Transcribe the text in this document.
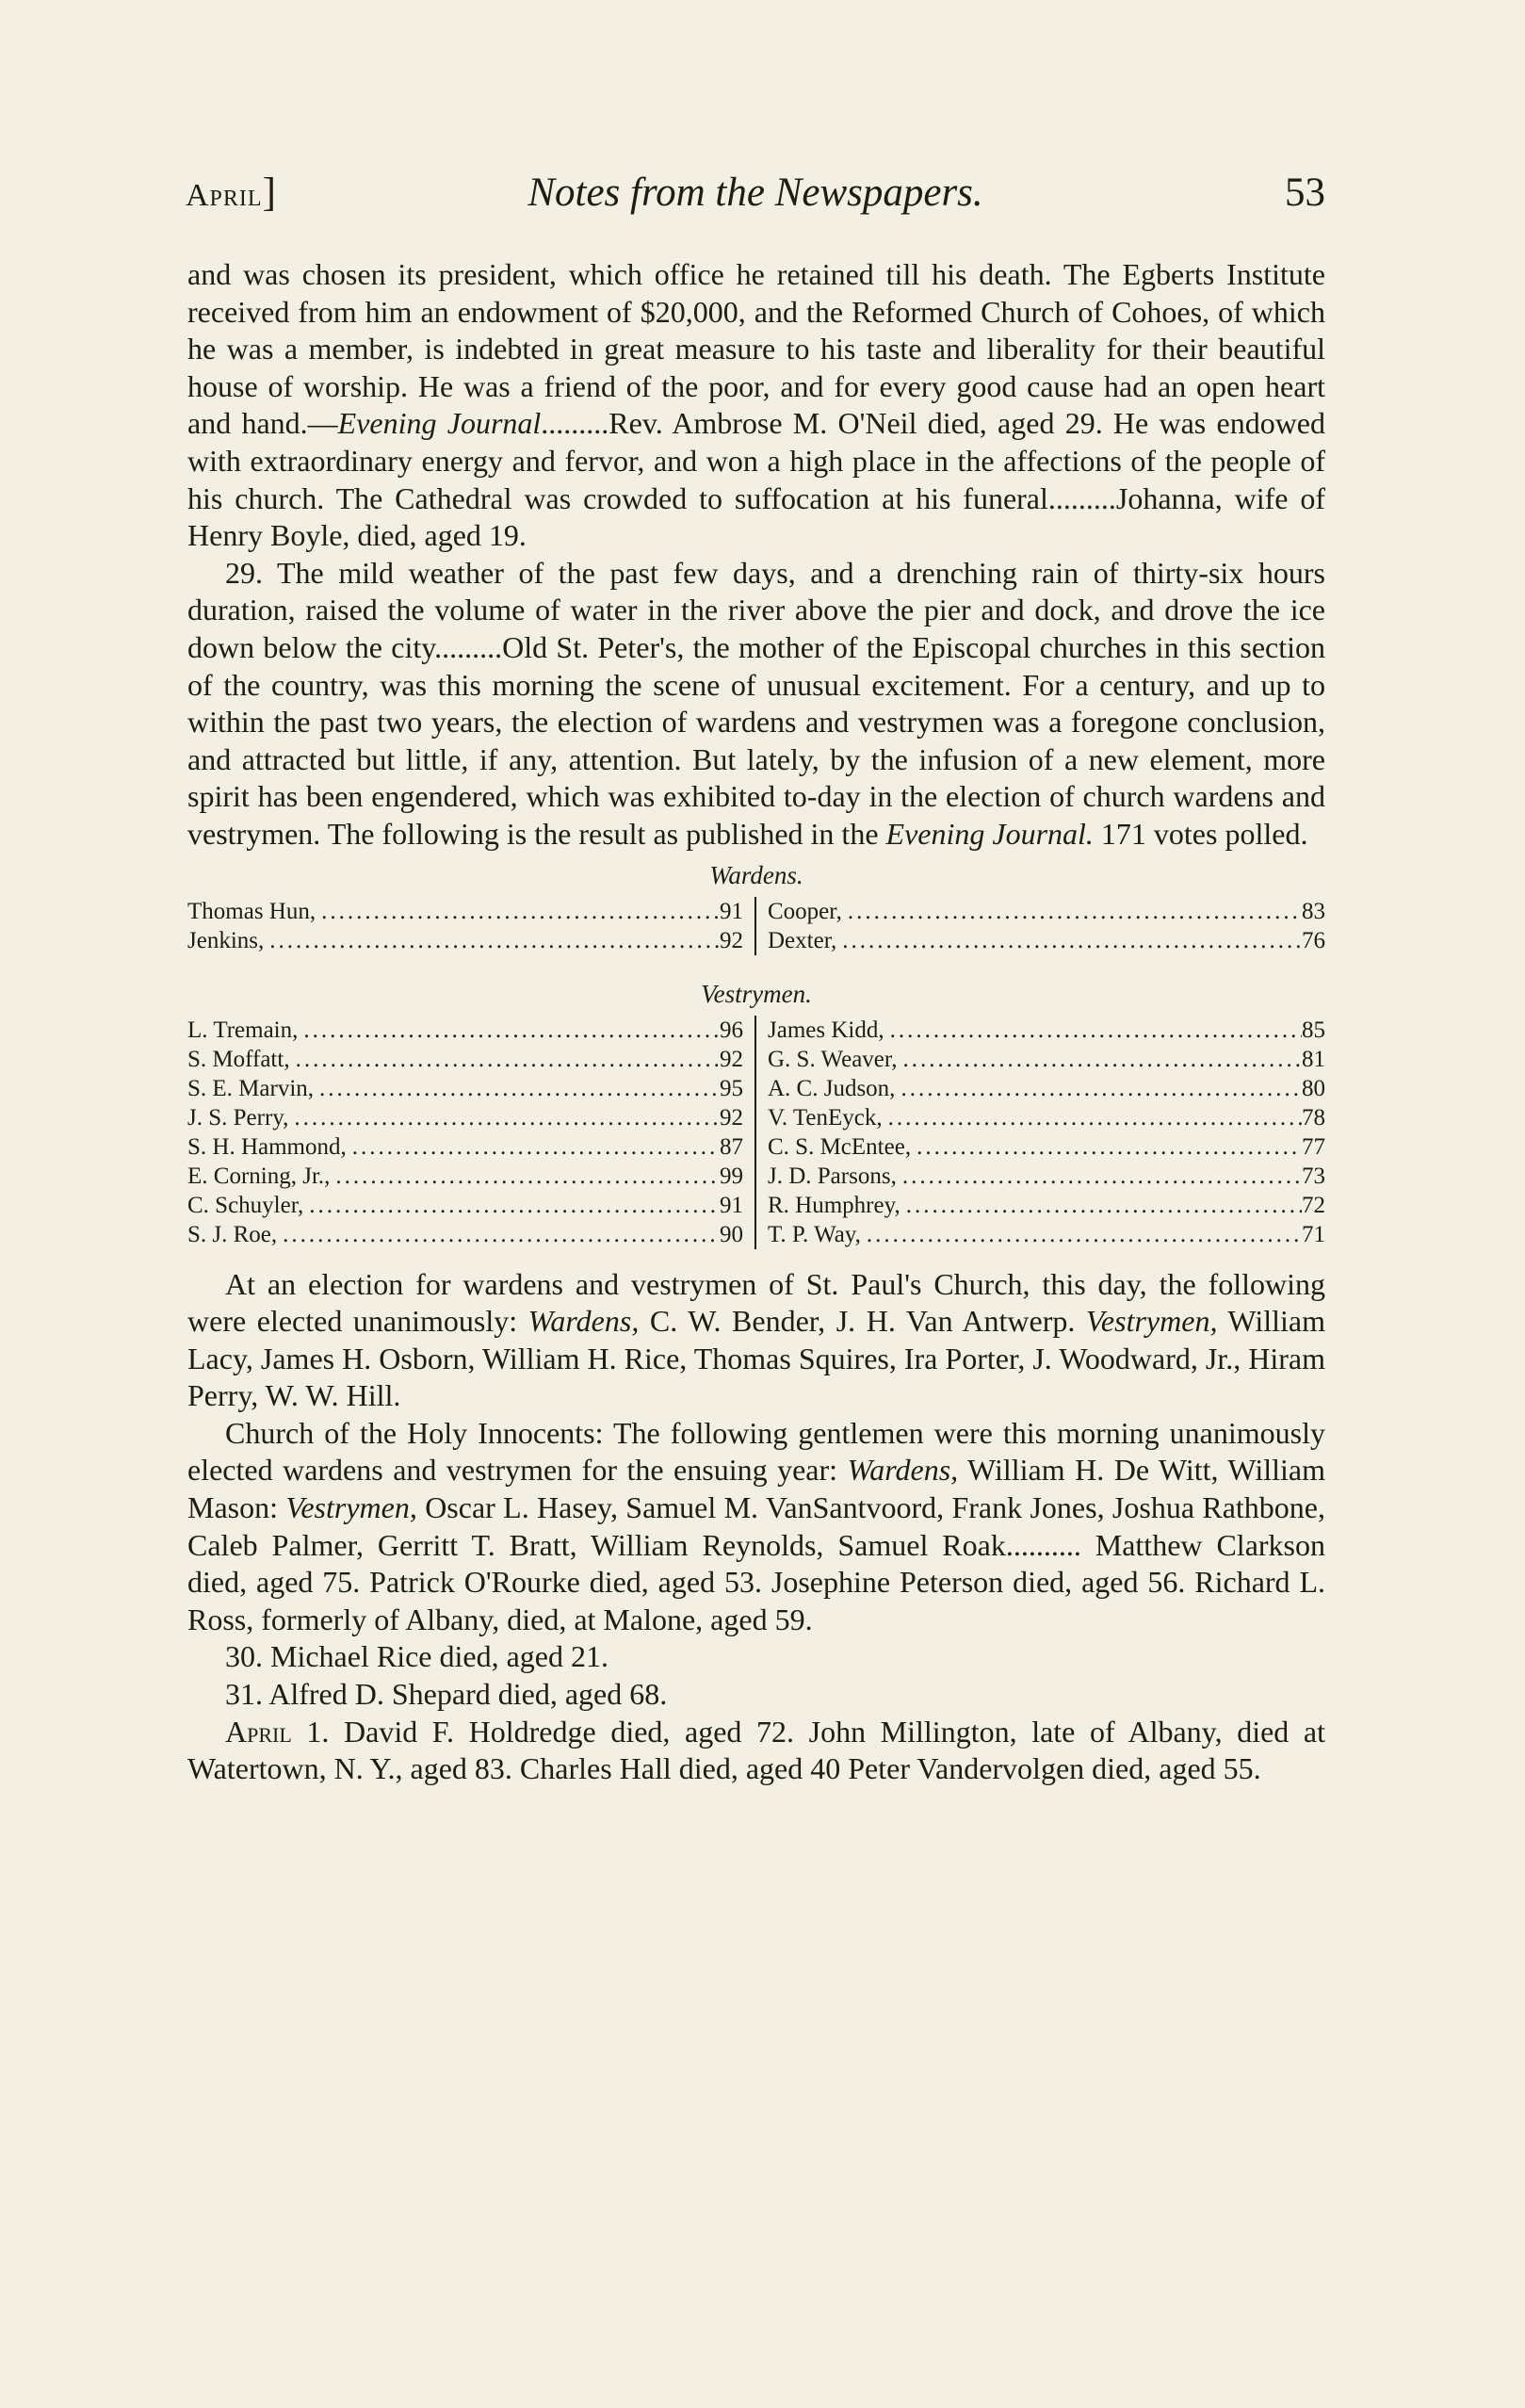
April]	Notes from the Newspapers.	53

and was chosen its president, which office he retained till his death. The Egberts Institute received from him an endowment of $20,000, and the Reformed Church of Cohoes, of which he was a member, is indebted in great measure to his taste and liberality for their beautiful house of worship. He was a friend of the poor, and for every good cause had an open heart and hand.—Evening Journal.........Rev. Ambrose M. O'Neil died, aged 29. He was endowed with extraordinary energy and fervor, and won a high place in the affections of the people of his church. The Cathedral was crowded to suffocation at his funeral.........Johanna, wife of Henry Boyle, died, aged 19.

29. The mild weather of the past few days, and a drenching rain of thirty-six hours duration, raised the volume of water in the river above the pier and dock, and drove the ice down below the city.........Old St. Peter's, the mother of the Episcopal churches in this section of the country, was this morning the scene of unusual excitement. For a century, and up to within the past two years, the election of wardens and vestrymen was a foregone conclusion, and attracted but little, if any, attention. But lately, by the infusion of a new element, more spirit has been engendered, which was exhibited to-day in the election of church wardens and vestrymen. The following is the result as published in the Evening Journal. 171 votes polled.

Wardens.
Thomas Hun, .....	91
Jenkins, .....	92
Cooper, .....	83
Dexter, .....	76
Vestrymen.
L. Tremain, .....	96
S. Moffatt, .....	92
S. E. Marvin, .....	95
J. S. Perry, .....	92
S. H. Hammond, .....	87
E. Corning, Jr., .....	99
C. Schuyler, .....	91
S. J. Roe, .....	90
James Kidd, .....	85
G. S. Weaver, .....	81
A. C. Judson, .....	80
V. TenEyck, .....	78
C. S. McEntee, .....	77
J. D. Parsons, .....	73
R. Humphrey, .....	72
T. P. Way, .....	71

At an election for wardens and vestrymen of St. Paul's Church, this day, the following were elected unanimously: Wardens, C. W. Bender, J. H. Van Antwerp. Vestrymen, William Lacy, James H. Osborn, William H. Rice, Thomas Squires, Ira Porter, J. Woodward, Jr., Hiram Perry, W. W. Hill.

Church of the Holy Innocents: The following gentlemen were this morning unanimously elected wardens and vestrymen for the ensuing year: Wardens, William H. De Witt, William Mason: Vestrymen, Oscar L. Hasey, Samuel M. VanSantvoord, Frank Jones, Joshua Rathbone, Caleb Palmer, Gerritt T. Bratt, William Reynolds, Samuel Roak.......... Matthew Clarkson died, aged 75. Patrick O'Rourke died, aged 53. Josephine Peterson died, aged 56. Richard L. Ross, formerly of Albany, died, at Malone, aged 59.

30. Michael Rice died, aged 21.

31. Alfred D. Shepard died, aged 68.

April 1. David F. Holdredge died, aged 72. John Millington, late of Albany, died at Watertown, N. Y., aged 83. Charles Hall died, aged 40 Peter Vandervolgen died, aged 55.
